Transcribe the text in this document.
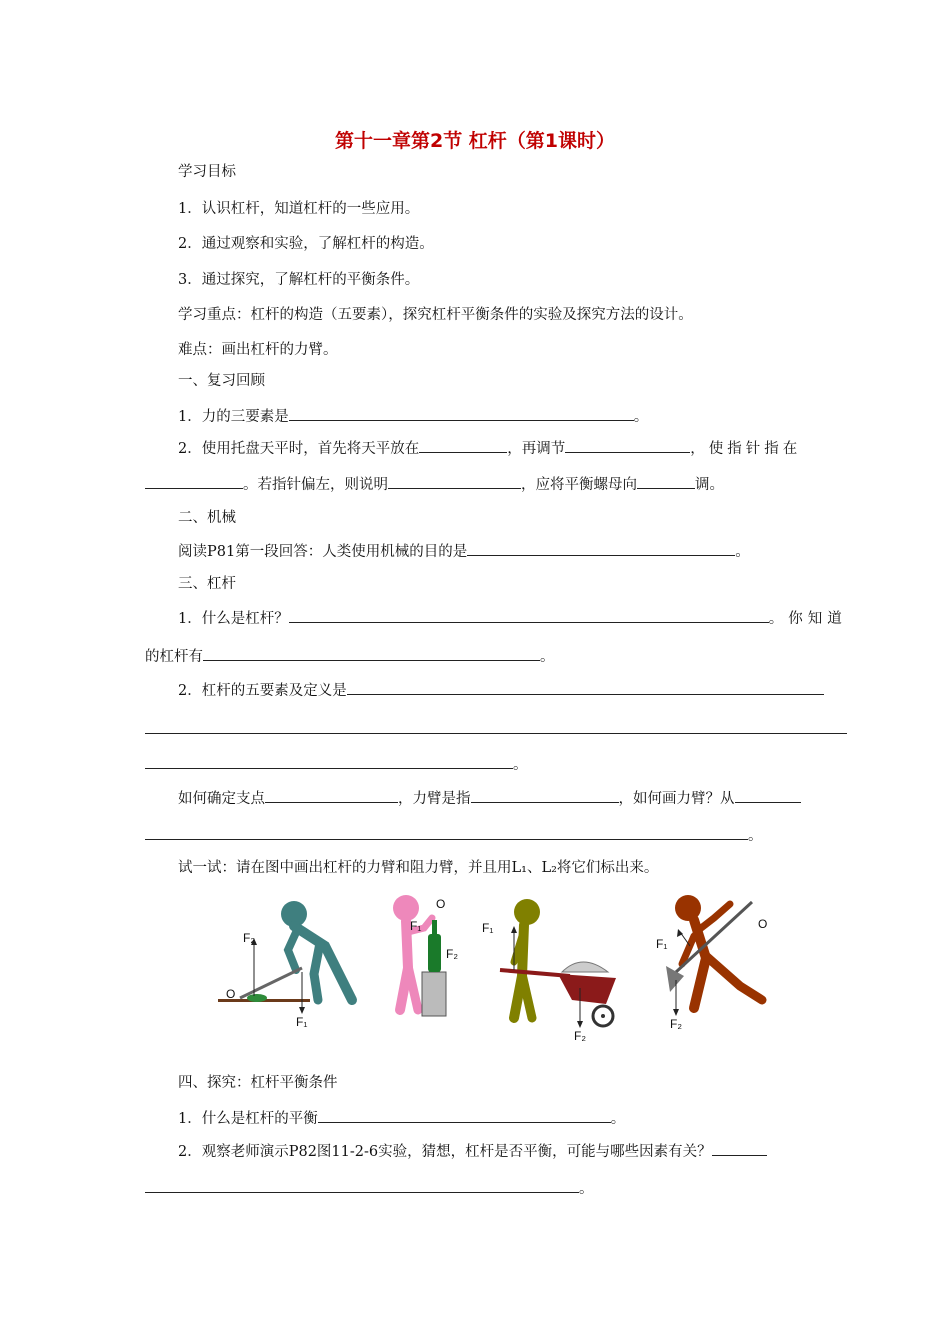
第十一章第2节 杠杆（第1课时）
学习目标
1．认识杠杆，知道杠杆的一些应用。
2．通过观察和实验，了解杠杆的构造。
3．通过探究，了解杠杆的平衡条件。
学习重点：杠杆的构造（五要素），探究杠杆平衡条件的实验及探究方法的设计。
难点：画出杠杆的力臂。
一、复习回顾
1．力的三要素是	。
2．使用托盘天平时，首先将天平放在	，再调节	，使指针指在
。若指针偏左，则说明	，应将平衡螺母向	调。
二、机械
阅读P81第一段回答：人类使用机械的目的是	。
三、杠杆
1．什么是杠杆？	。你知道
的杠杆有	。
2．杠杆的五要素及定义是
。
如何确定支点	，力臂是指	，如何画力臂？从
。
试一试：请在图中画出杠杆的力臂和阻力臂，并且用L₁、L₂将它们标出来。
O
F₂
F₁
O
F₁
F₂
F₁
F₂
O
F₁
F₂
四、探究：杠杆平衡条件
1．什么是杠杆的平衡	。
2．观察老师演示P82图11-2-6实验，猜想，杠杆是否平衡，可能与哪些因素有关？
。
